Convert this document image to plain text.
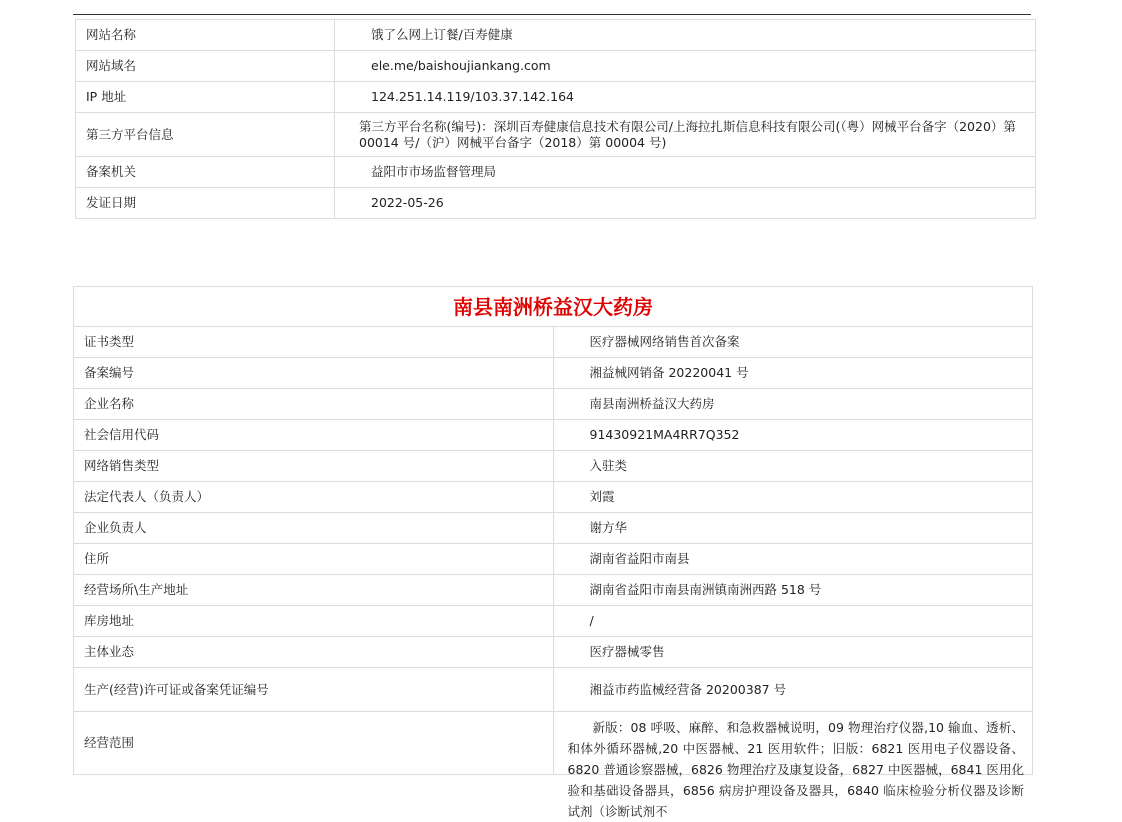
网站名称	饿了么网上订餐/百寿健康
网站域名	ele.me/baishoujiankang.com
IP 地址	124.251.14.119/103.37.142.164
第三方平台信息	第三方平台名称(编号)：深圳百寿健康信息技术有限公司/上海拉扎斯信息科技有限公司(（粤）网械平台备字（2020）第 00014 号/（沪）网械平台备字（2018）第 00004 号)
备案机关	益阳市市场监督管理局
发证日期	2022-05-26
南县南洲桥益汉大药房	
证书类型	医疗器械网络销售首次备案
备案编号	湘益械网销备 20220041 号
企业名称	南县南洲桥益汉大药房
社会信用代码	91430921MA4RR7Q352
网络销售类型	入驻类
法定代表人（负责人）	刘霞
企业负责人	谢方华
住所	湖南省益阳市南县
经营场所\生产地址	湖南省益阳市南县南洲镇南洲西路 518 号
库房地址	/
主体业态	医疗器械零售
生产(经营)许可证或备案凭证编号	湘益市药监械经营备 20200387 号
经营范围	新版：08 呼吸、麻醉、和急救器械说明，09 物理治疗仪器,10 输血、透析、和体外循环器械,20 中医器械、21 医用软件；旧版：6821 医用电子仪器设备、6820 普通诊察器械，6826 物理治疗及康复设备，6827 中医器械，6841 医用化验和基础设备器具，6856 病房护理设备及器具，6840 临床检验分析仪器及诊断试剂（诊断试剂不
